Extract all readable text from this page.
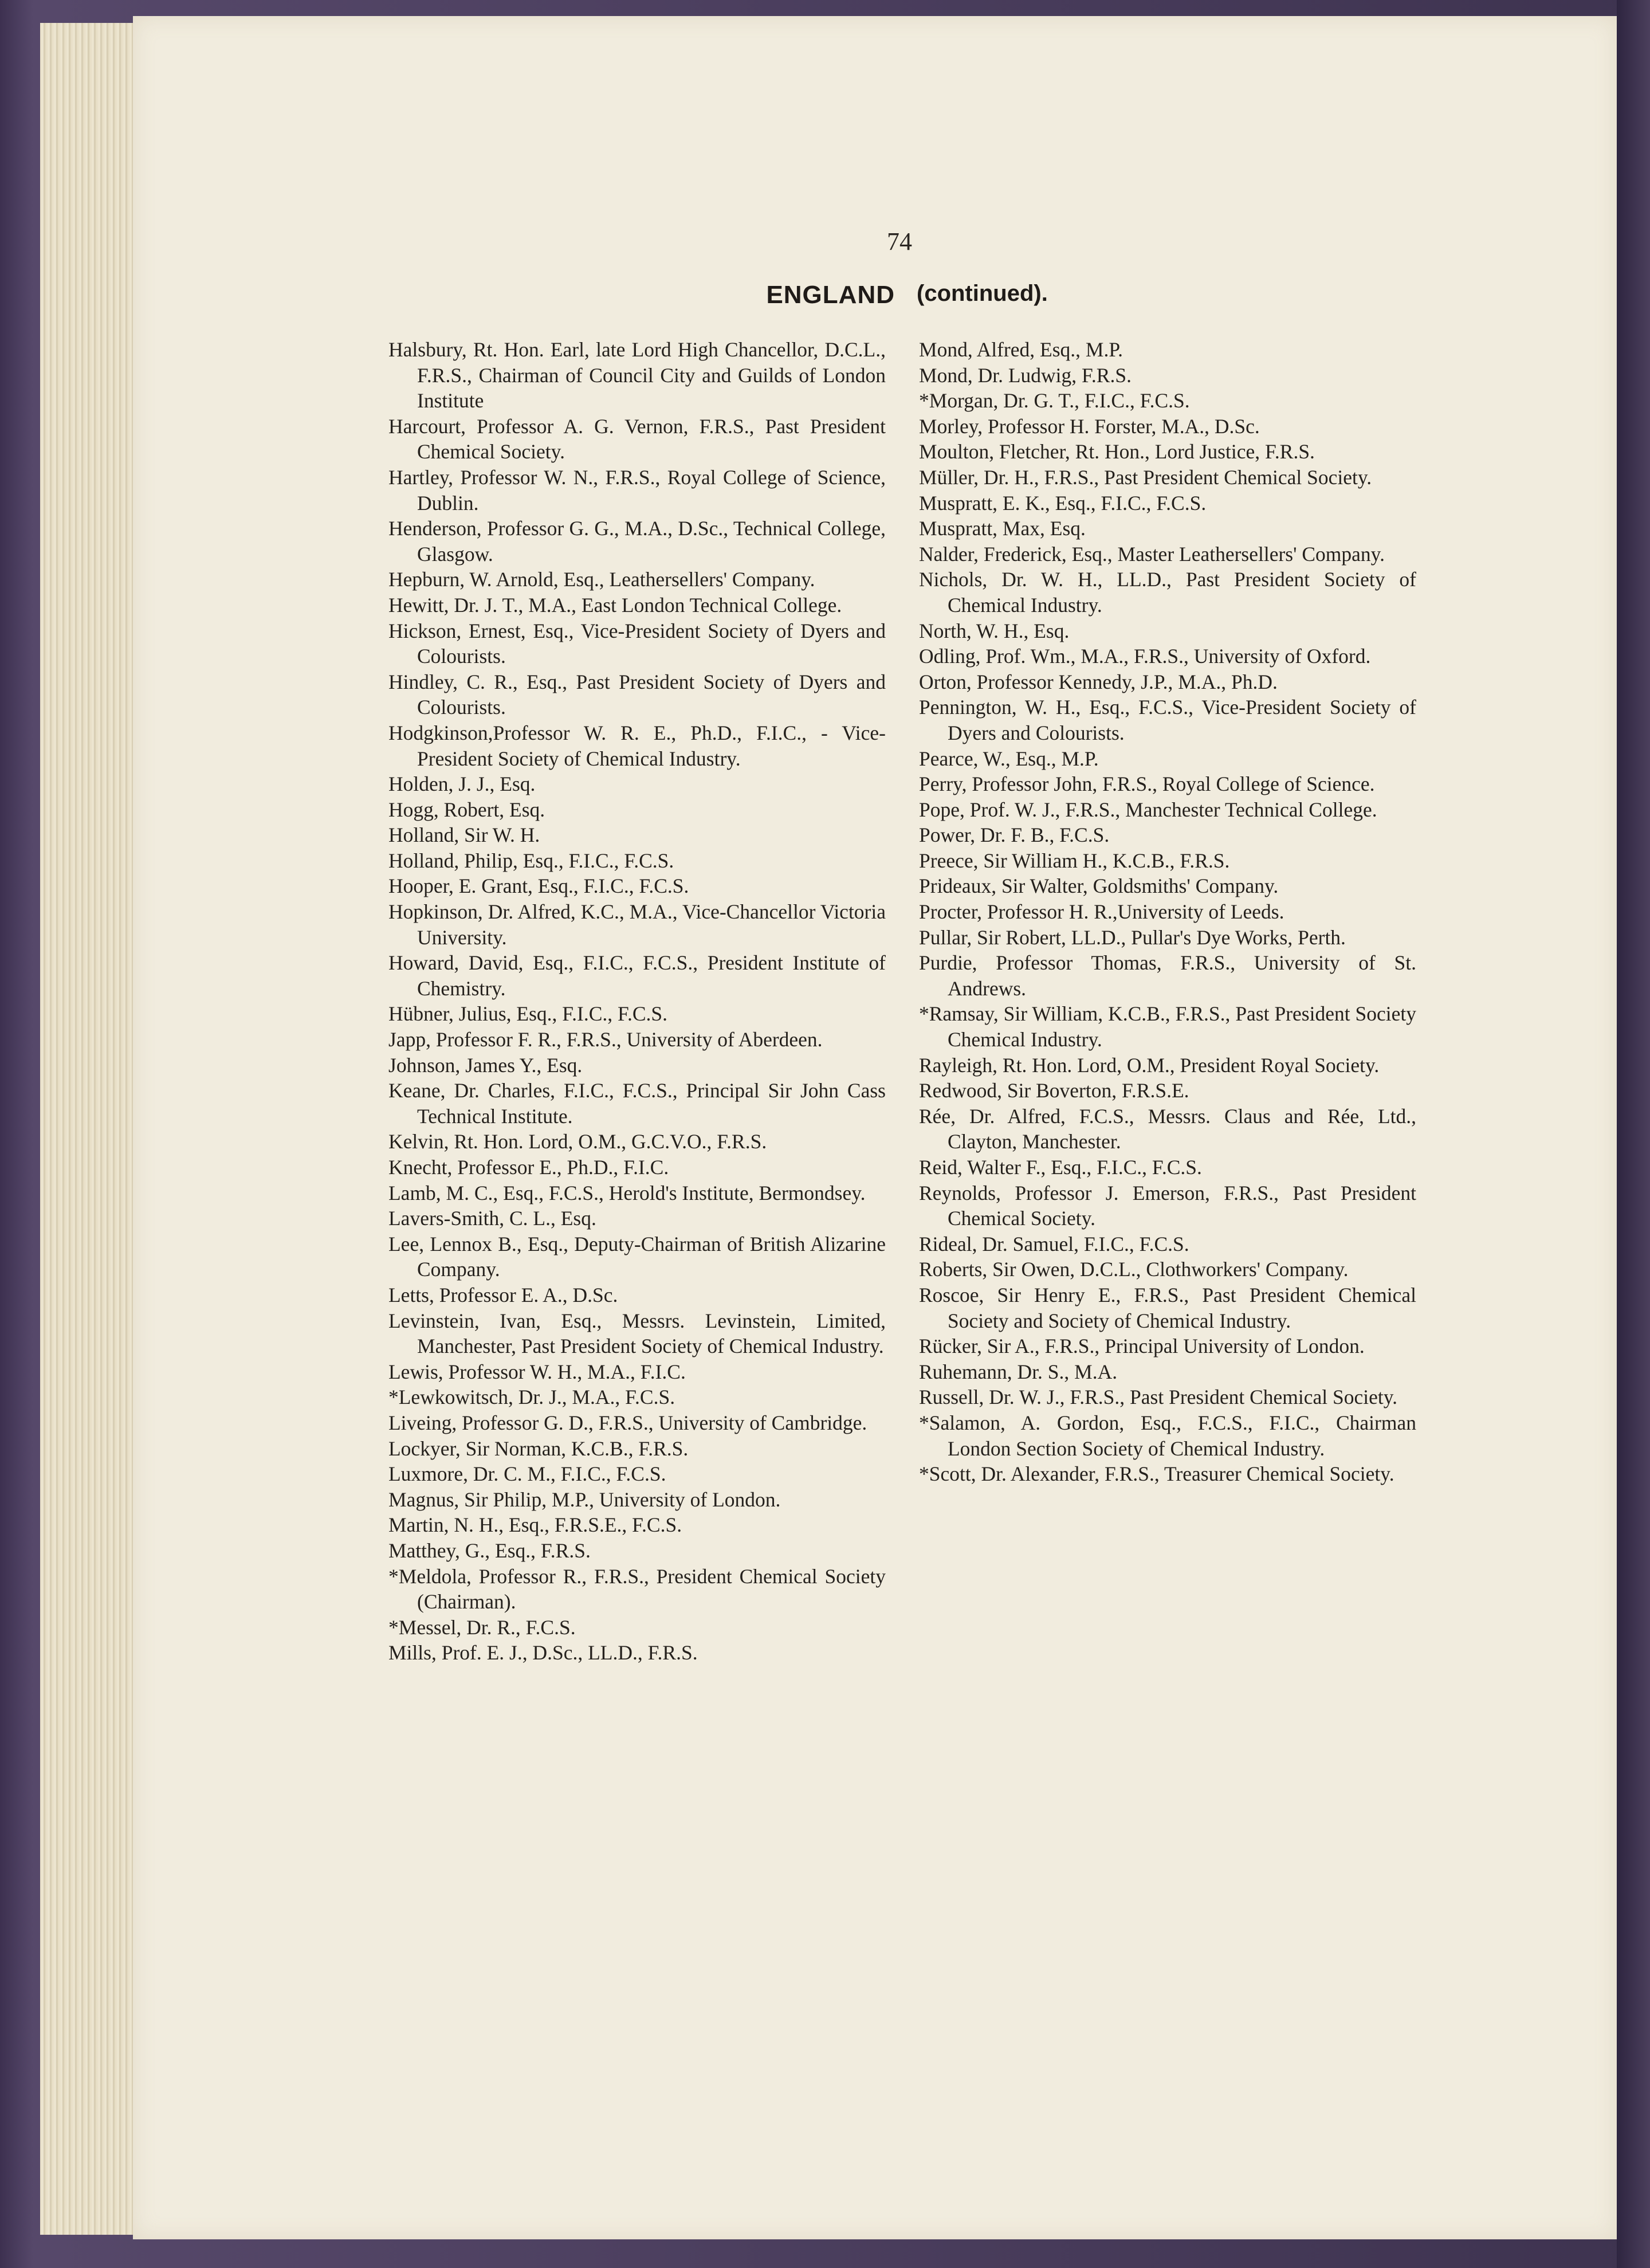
74
ENGLAND (continued).

Halsbury, Rt. Hon. Earl, late Lord High Chancellor, D.C.L., F.R.S., Chairman of Council City and Guilds of London Institute

Harcourt, Professor A. G. Vernon, F.R.S., Past President Chemical Society.

Hartley, Professor W. N., F.R.S., Royal College of Science, Dublin.

Henderson, Professor G. G., M.A., D.Sc., Technical College, Glasgow.

Hepburn, W. Arnold, Esq., Leathersellers' Company.

Hewitt, Dr. J. T., M.A., East London Technical College.

Hickson, Ernest, Esq., Vice-President Society of Dyers and Colourists.

Hindley, C. R., Esq., Past President Society of Dyers and Colourists.

Hodgkinson,Professor W. R. E., Ph.D., F.I.C., - Vice-President Society of Chemical Industry.

Holden, J. J., Esq.

Hogg, Robert, Esq.

Holland, Sir W. H.

Holland, Philip, Esq., F.I.C., F.C.S.

Hooper, E. Grant, Esq., F.I.C., F.C.S.

Hopkinson, Dr. Alfred, K.C., M.A., Vice-Chancellor Victoria University.

Howard, David, Esq., F.I.C., F.C.S., President Institute of Chemistry.

Hübner, Julius, Esq., F.I.C., F.C.S.

Japp, Professor F. R., F.R.S., University of Aberdeen.

Johnson, James Y., Esq.

Keane, Dr. Charles, F.I.C., F.C.S., Principal Sir John Cass Technical Institute.

Kelvin, Rt. Hon. Lord, O.M., G.C.V.O., F.R.S.

Knecht, Professor E., Ph.D., F.I.C.

Lamb, M. C., Esq., F.C.S., Herold's Institute, Bermondsey.

Lavers-Smith, C. L., Esq.

Lee, Lennox B., Esq., Deputy-Chairman of British Alizarine Company.

Letts, Professor E. A., D.Sc.

Levinstein, Ivan, Esq., Messrs. Levinstein, Limited, Manchester, Past President Society of Chemical Industry.

Lewis, Professor W. H., M.A., F.I.C.

*Lewkowitsch, Dr. J., M.A., F.C.S.

Liveing, Professor G. D., F.R.S., University of Cambridge.

Lockyer, Sir Norman, K.C.B., F.R.S.

Luxmore, Dr. C. M., F.I.C., F.C.S.

Magnus, Sir Philip, M.P., University of London.

Martin, N. H., Esq., F.R.S.E., F.C.S.

Matthey, G., Esq., F.R.S.

*Meldola, Professor R., F.R.S., President Chemical Society (Chairman).

*Messel, Dr. R., F.C.S.

Mills, Prof. E. J., D.Sc., LL.D., F.R.S.

Mond, Alfred, Esq., M.P.

Mond, Dr. Ludwig, F.R.S.

*Morgan, Dr. G. T., F.I.C., F.C.S.

Morley, Professor H. Forster, M.A., D.Sc.

Moulton, Fletcher, Rt. Hon., Lord Justice, F.R.S.

Müller, Dr. H., F.R.S., Past President Chemical Society.

Muspratt, E. K., Esq., F.I.C., F.C.S.

Muspratt, Max, Esq.

Nalder, Frederick, Esq., Master Leathersellers' Company.

Nichols, Dr. W. H., LL.D., Past President Society of Chemical Industry.

North, W. H., Esq.

Odling, Prof. Wm., M.A., F.R.S., University of Oxford.

Orton, Professor Kennedy, J.P., M.A., Ph.D.

Pennington, W. H., Esq., F.C.S., Vice-President Society of Dyers and Colourists.

Pearce, W., Esq., M.P.

Perry, Professor John, F.R.S., Royal College of Science.

Pope, Prof. W. J., F.R.S., Manchester Technical College.

Power, Dr. F. B., F.C.S.

Preece, Sir William H., K.C.B., F.R.S.

Prideaux, Sir Walter, Goldsmiths' Company.

Procter, Professor H. R.,University of Leeds.

Pullar, Sir Robert, LL.D., Pullar's Dye Works, Perth.

Purdie, Professor Thomas, F.R.S., University of St. Andrews.

*Ramsay, Sir William, K.C.B., F.R.S., Past President Society Chemical Industry.

Rayleigh, Rt. Hon. Lord, O.M., President Royal Society.

Redwood, Sir Boverton, F.R.S.E.

Rée, Dr. Alfred, F.C.S., Messrs. Claus and Rée, Ltd., Clayton, Manchester.

Reid, Walter F., Esq., F.I.C., F.C.S.

Reynolds, Professor J. Emerson, F.R.S., Past President Chemical Society.

Rideal, Dr. Samuel, F.I.C., F.C.S.

Roberts, Sir Owen, D.C.L., Clothworkers' Company.

Roscoe, Sir Henry E., F.R.S., Past President Chemical Society and Society of Chemical Industry.

Rücker, Sir A., F.R.S., Principal University of London.

Ruhemann, Dr. S., M.A.

Russell, Dr. W. J., F.R.S., Past President Chemical Society.

*Salamon, A. Gordon, Esq., F.C.S., F.I.C., Chairman London Section Society of Chemical Industry.

*Scott, Dr. Alexander, F.R.S., Treasurer Chemical Society.
